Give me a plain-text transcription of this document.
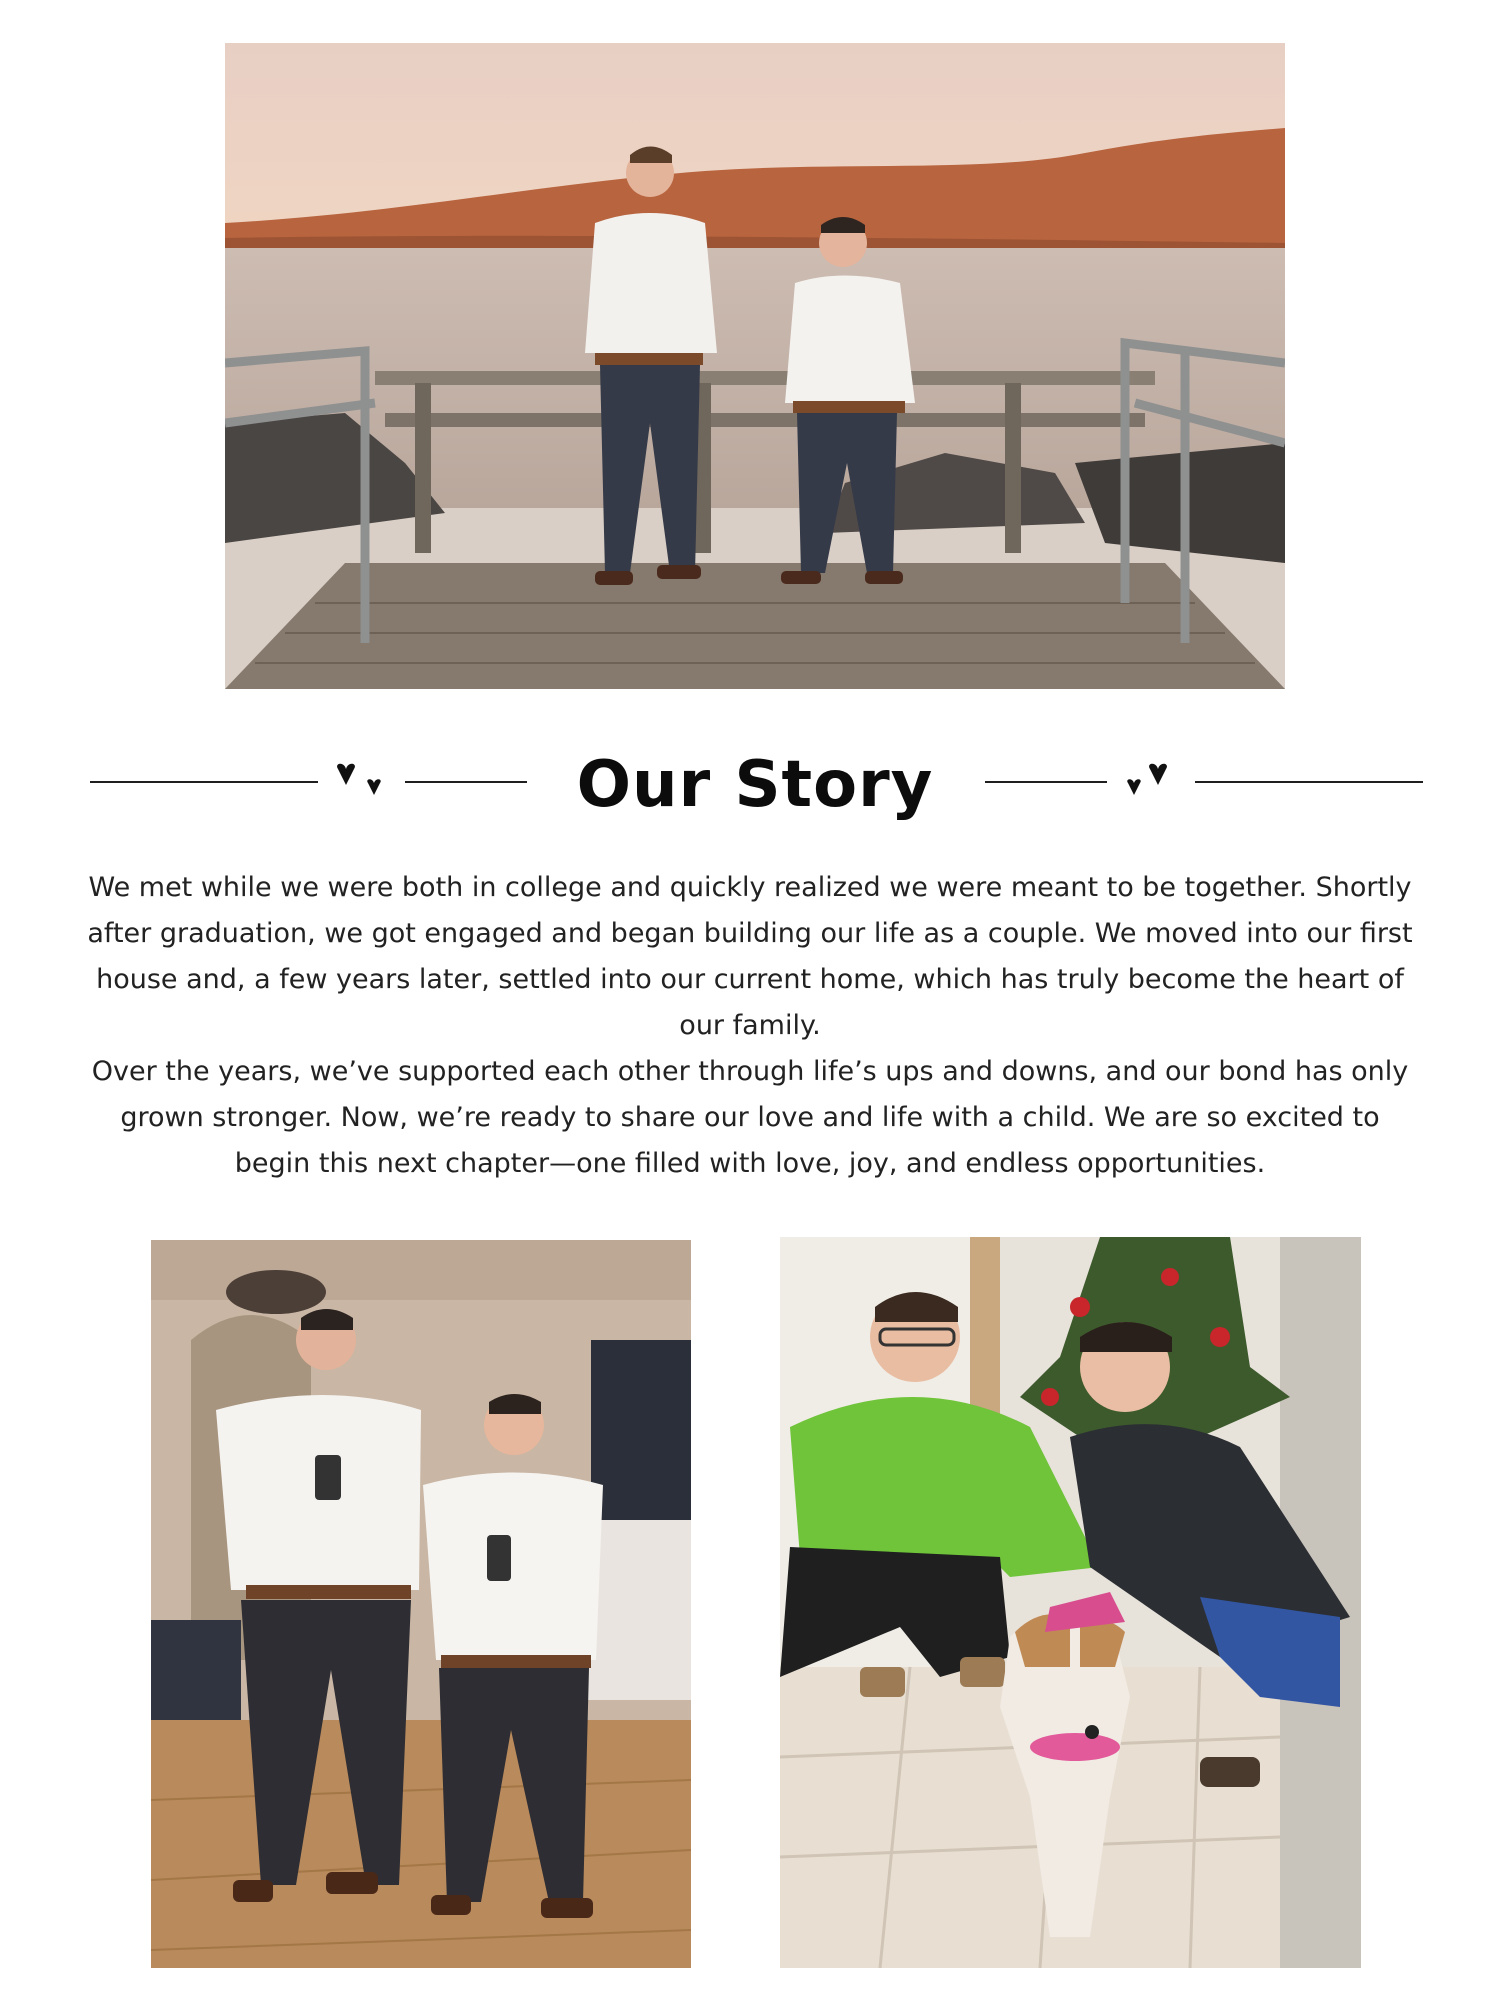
Our Story

We met while we were both in college and quickly realized we were meant to be together. Shortly after graduation, we got engaged and began building our life as a couple. We moved into our first house and, a few years later, settled into our current home, which has truly become the heart of our family.

Over the years, we’ve supported each other through life’s ups and downs, and our bond has only grown stronger. Now, we’re ready to share our love and life with a child. We are so excited to begin this next chapter—one filled with love, joy, and endless opportunities.
